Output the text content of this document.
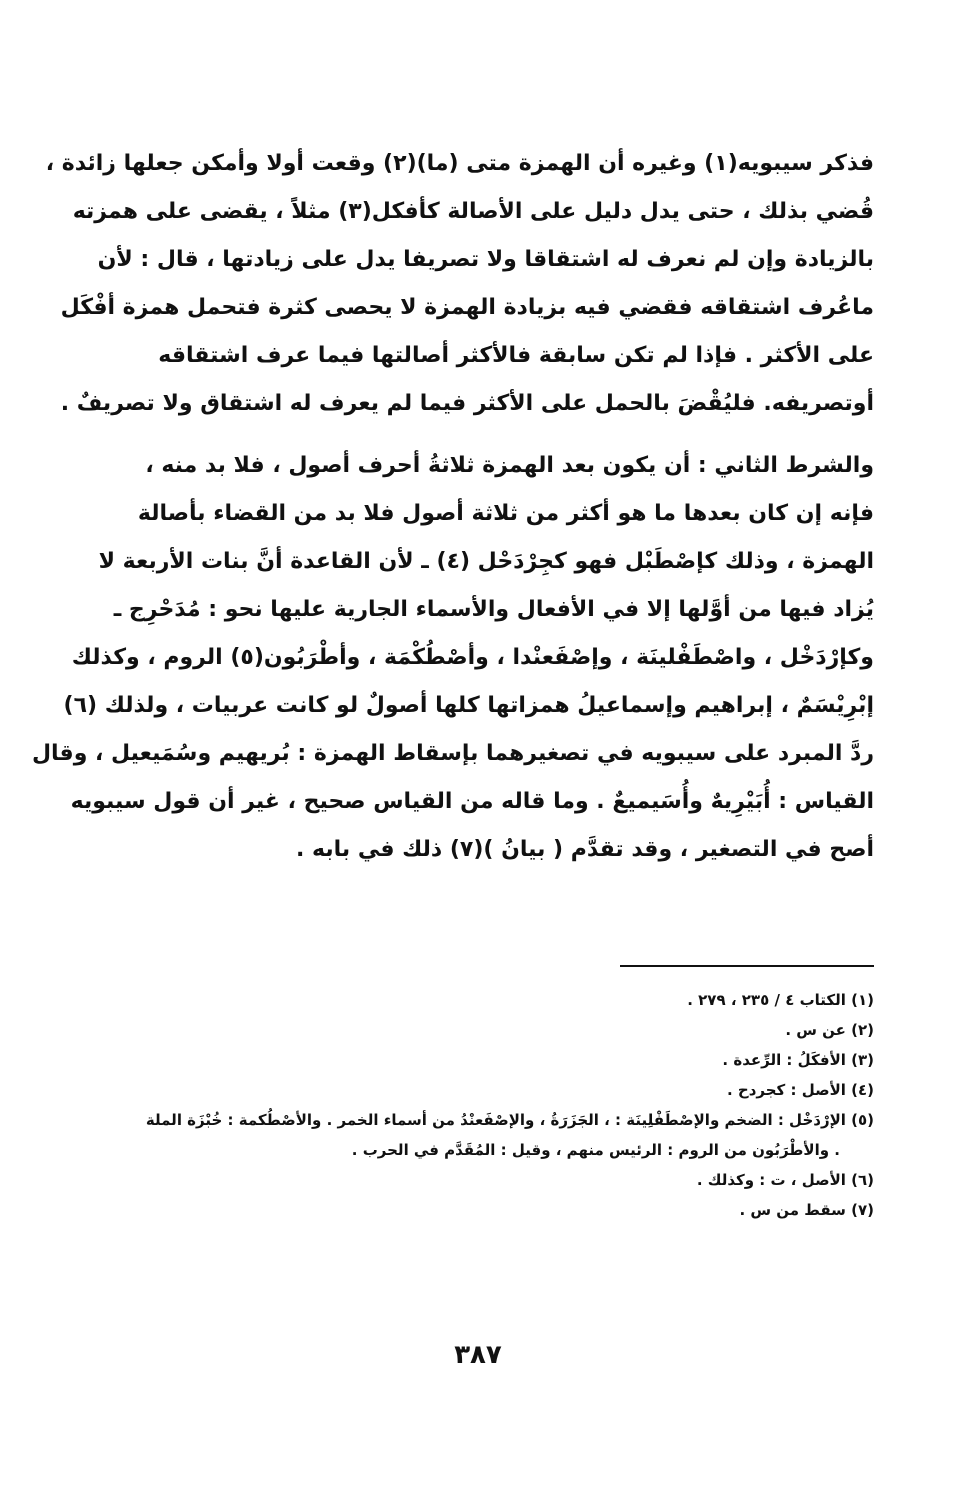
فذكر سيبويه(١) وغيره أن الهمزة متى (ما)(٢) وقعت أولا وأمكن جعلها زائدة ،
قُضي بذلك ، حتى يدل دليل على الأصالة كأفكل(٣) مثلاً ، يقضى على همزته
بالزيادة وإن لم نعرف له اشتقاقا ولا تصريفا يدل على زيادتها ، قال : لأن
ماعُرف اشتقاقه فقضي فيه بزيادة الهمزة لا يحصى كثرة فتحمل همزة أفْكَل
على الأكثر . فإذا لم تكن سابقة فالأكثر أصالتها فيما عرف اشتقاقه
أوتصريفه. فليُقْضَ بالحمل على الأكثر فيما لم يعرف له اشتقاق ولا تصريفٌ .
والشرط الثاني : أن يكون بعد الهمزة ثلاثةُ أحرف أصول ، فلا بد منه ،
فإنه إن كان بعدها ما هو أكثر من ثلاثة أصول فلا بد من القضاء بأصالة
الهمزة ، وذلك كإصْطَبْل فهو كجِرْدَحْل (٤) ـ لأن القاعدة أنَّ بنات الأربعة لا
يُزاد فيها من أوَّلها إلا في الأفعال والأسماء الجارية عليها نحو : مُدَحْرِج ـ
وكإرْدَخْل ، واصْطَفْلينَة ، وإصْفَعنْدا ، وأصْطُكْمَة ، وأطْرَبُون(٥) الروم ، وكذلك
إبْرِيْسَمٌ ، إبراهيم وإسماعيلُ همزاتها كلها أصولٌ لو كانت عربيات ، ولذلك (٦)
ردَّ المبرد على سيبويه في تصغيرهما بإسقاط الهمزة : بُريهيم وسُمَيعيل ، وقال
القياس : أُبَيْرِيهٌ وأُسَيميعٌ . وما قاله من القياس صحيح ، غير أن قول سيبويه
أصح في التصغير ، وقد تقدَّم ( بيانُ )(٧) ذلك في بابه .
(١) الكتاب ٤ / ٢٣٥ ، ٢٧٩ .
(٢) عن س .
(٣) الأفكَلُ : الرِّعدة .
(٤) الأصل : كجردح .
(٥) الإرْدَخْل : الضخم والإصْطَفْلِينَة : ، الجَزَرَةُ ، والإصْفَعنْدُ من أسماء الخمر . والأصْطُكمة : خُبْزَة الملة
. والأطْرَبُون من الروم : الرئيس منهم ، وقيل : المُقَدَّم في الحرب .
(٦) الأصل ، ت : وكذلك .
(٧) سقط من س .
٣٨٧
